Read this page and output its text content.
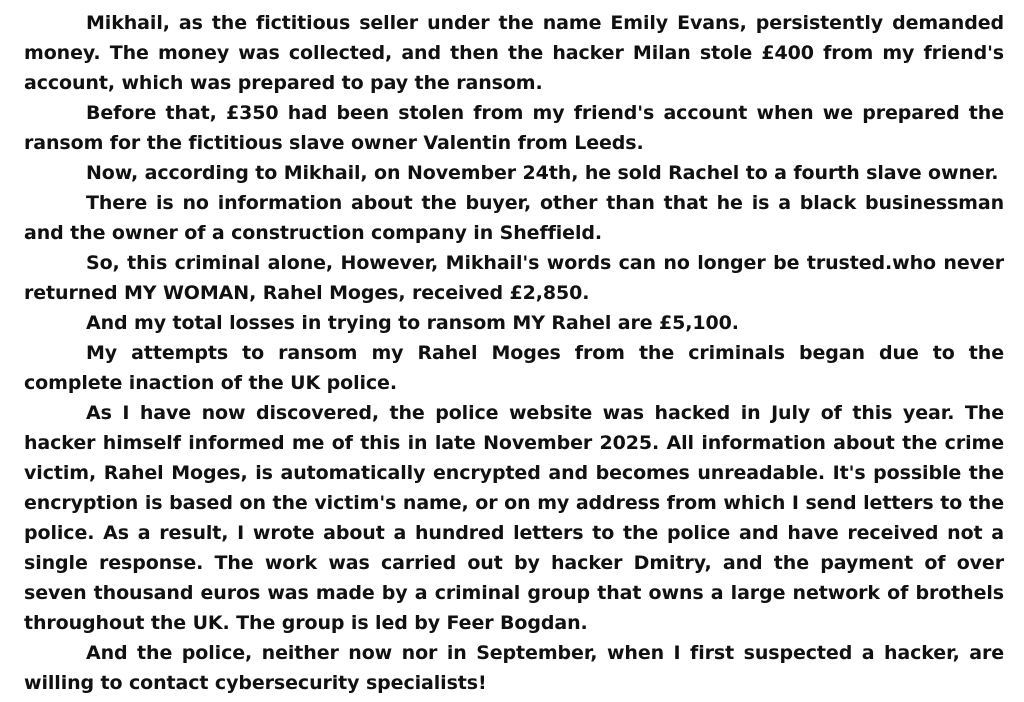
Mikhail, as the fictitious seller under the name Emily Evans, persistently demanded money. The money was collected, and then the hacker Milan stole £400 from my friend's account, which was prepared to pay the ransom.

Before that, £350 had been stolen from my friend's account when we prepared the ransom for the fictitious slave owner Valentin from Leeds.

Now, according to Mikhail, on November 24th, he sold Rachel to a fourth slave owner.

There is no information about the buyer, other than that he is a black businessman and the owner of a construction company in Sheffield.

So, this criminal alone, However, Mikhail's words can no longer be trusted.who never returned MY WOMAN, Rahel Moges, received £2,850.

And my total losses in trying to ransom MY Rahel are £5,100.

My attempts to ransom my Rahel Moges from the criminals began due to the complete inaction of the UK police.

As I have now discovered, the police website was hacked in July of this year. The hacker himself informed me of this in late November 2025. All information about the crime victim, Rahel Moges, is automatically encrypted and becomes unreadable. It's possible the encryption is based on the victim's name, or on my address from which I send letters to the police. As a result, I wrote about a hundred letters to the police and have received not a single response. The work was carried out by hacker Dmitry, and the payment of over seven thousand euros was made by a criminal group that owns a large network of brothels throughout the UK. The group is led by Feer Bogdan.

And the police, neither now nor in September, when I first suspected a hacker, are willing to contact cybersecurity specialists!
